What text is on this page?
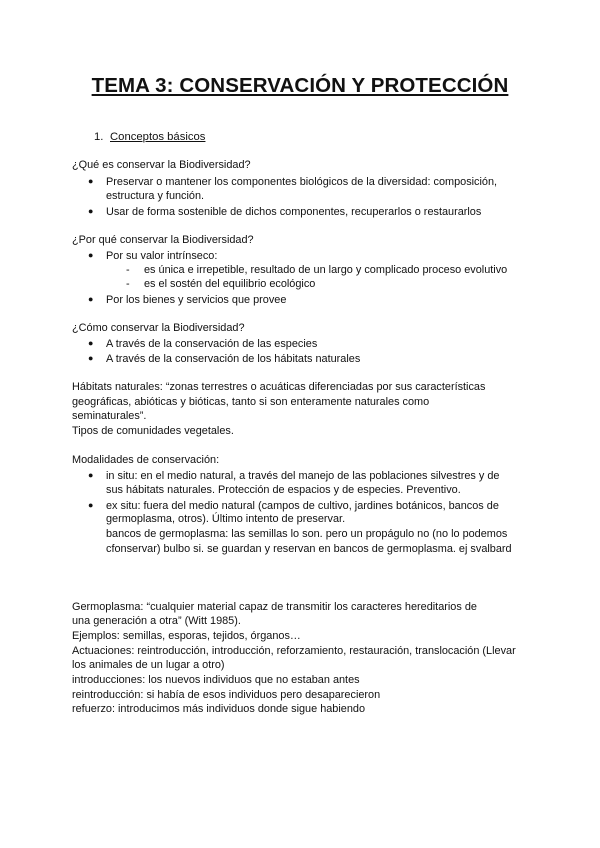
TEMA 3: CONSERVACIÓN Y PROTECCIÓN
1. Conceptos básicos
¿Qué es conservar la Biodiversidad?
● Preservar o mantener los componentes biológicos de la diversidad: composición,
estructura y función.
● Usar de forma sostenible de dichos componentes, recuperarlos o restaurarlos
¿Por qué conservar la Biodiversidad?
● Por su valor intrínseco:
- es única e irrepetible, resultado de un largo y complicado proceso evolutivo
- es el sostén del equilibrio ecológico
● Por los bienes y servicios que provee
¿Cómo conservar la Biodiversidad?
● A través de la conservación de las especies
● A través de la conservación de los hábitats naturales
Hábitats naturales: “zonas terrestres o acuáticas diferenciadas por sus características
geográficas, abióticas y bióticas, tanto si son enteramente naturales como
seminaturales”.
Tipos de comunidades vegetales.
Modalidades de conservación:
● in situ: en el medio natural, a través del manejo de las poblaciones silvestres y de
sus hábitats naturales. Protección de espacios y de especies. Preventivo.
● ex situ: fuera del medio natural (campos de cultivo, jardines botánicos, bancos de
germoplasma, otros). Último intento de preservar.
bancos de germoplasma: las semillas lo son. pero un propágulo no (no lo podemos
cfonservar) bulbo si. se guardan y reservan en bancos de germoplasma. ej svalbard
Germoplasma: “cualquier material capaz de transmitir los caracteres hereditarios de
una generación a otra” (Witt 1985).
Ejemplos: semillas, esporas, tejidos, órganos…
Actuaciones: reintroducción, introducción, reforzamiento, restauración, translocación (Llevar
los animales de un lugar a otro)
introducciones: los nuevos individuos que no estaban antes
reintroducción: si había de esos individuos pero desaparecieron
refuerzo: introducimos más individuos donde sigue habiendo
